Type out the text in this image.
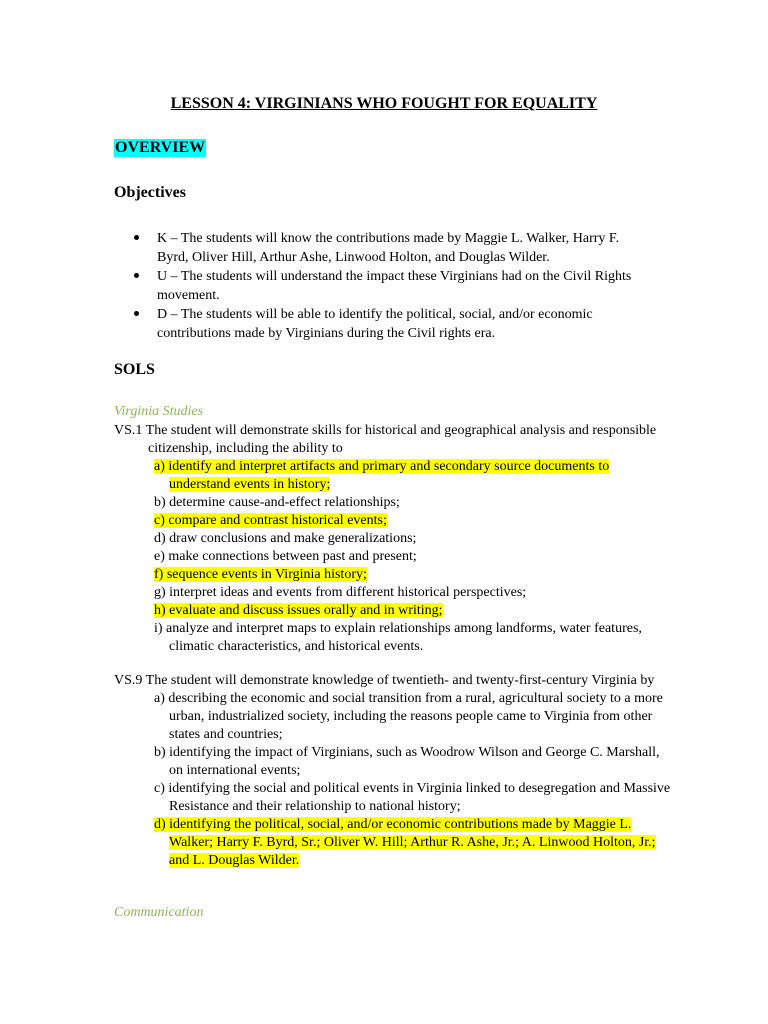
LESSON 4: VIRGINIANS WHO FOUGHT FOR EQUALITY
OVERVIEW
Objectives
K – The students will know the contributions made by Maggie L. Walker, Harry F. Byrd, Oliver Hill, Arthur Ashe, Linwood Holton, and Douglas Wilder.
U – The students will understand the impact these Virginians had on the Civil Rights movement.
D – The students will be able to identify the political, social, and/or economic contributions made by Virginians during the Civil rights era.
SOLS
Virginia Studies
VS.1 The student will demonstrate skills for historical and geographical analysis and responsible citizenship, including the ability to
a) identify and interpret artifacts and primary and secondary source documents to understand events in history;
b) determine cause-and-effect relationships;
c) compare and contrast historical events;
d) draw conclusions and make generalizations;
e) make connections between past and present;
f) sequence events in Virginia history;
g) interpret ideas and events from different historical perspectives;
h) evaluate and discuss issues orally and in writing;
i) analyze and interpret maps to explain relationships among landforms, water features, climatic characteristics, and historical events.
VS.9 The student will demonstrate knowledge of twentieth- and twenty-first-century Virginia by
a) describing the economic and social transition from a rural, agricultural society to a more urban, industrialized society, including the reasons people came to Virginia from other states and countries;
b) identifying the impact of Virginians, such as Woodrow Wilson and George C. Marshall, on international events;
c) identifying the social and political events in Virginia linked to desegregation and Massive Resistance and their relationship to national history;
d) identifying the political, social, and/or economic contributions made by Maggie L. Walker; Harry F. Byrd, Sr.; Oliver W. Hill; Arthur R. Ashe, Jr.; A. Linwood Holton, Jr.; and L. Douglas Wilder.
Communication
